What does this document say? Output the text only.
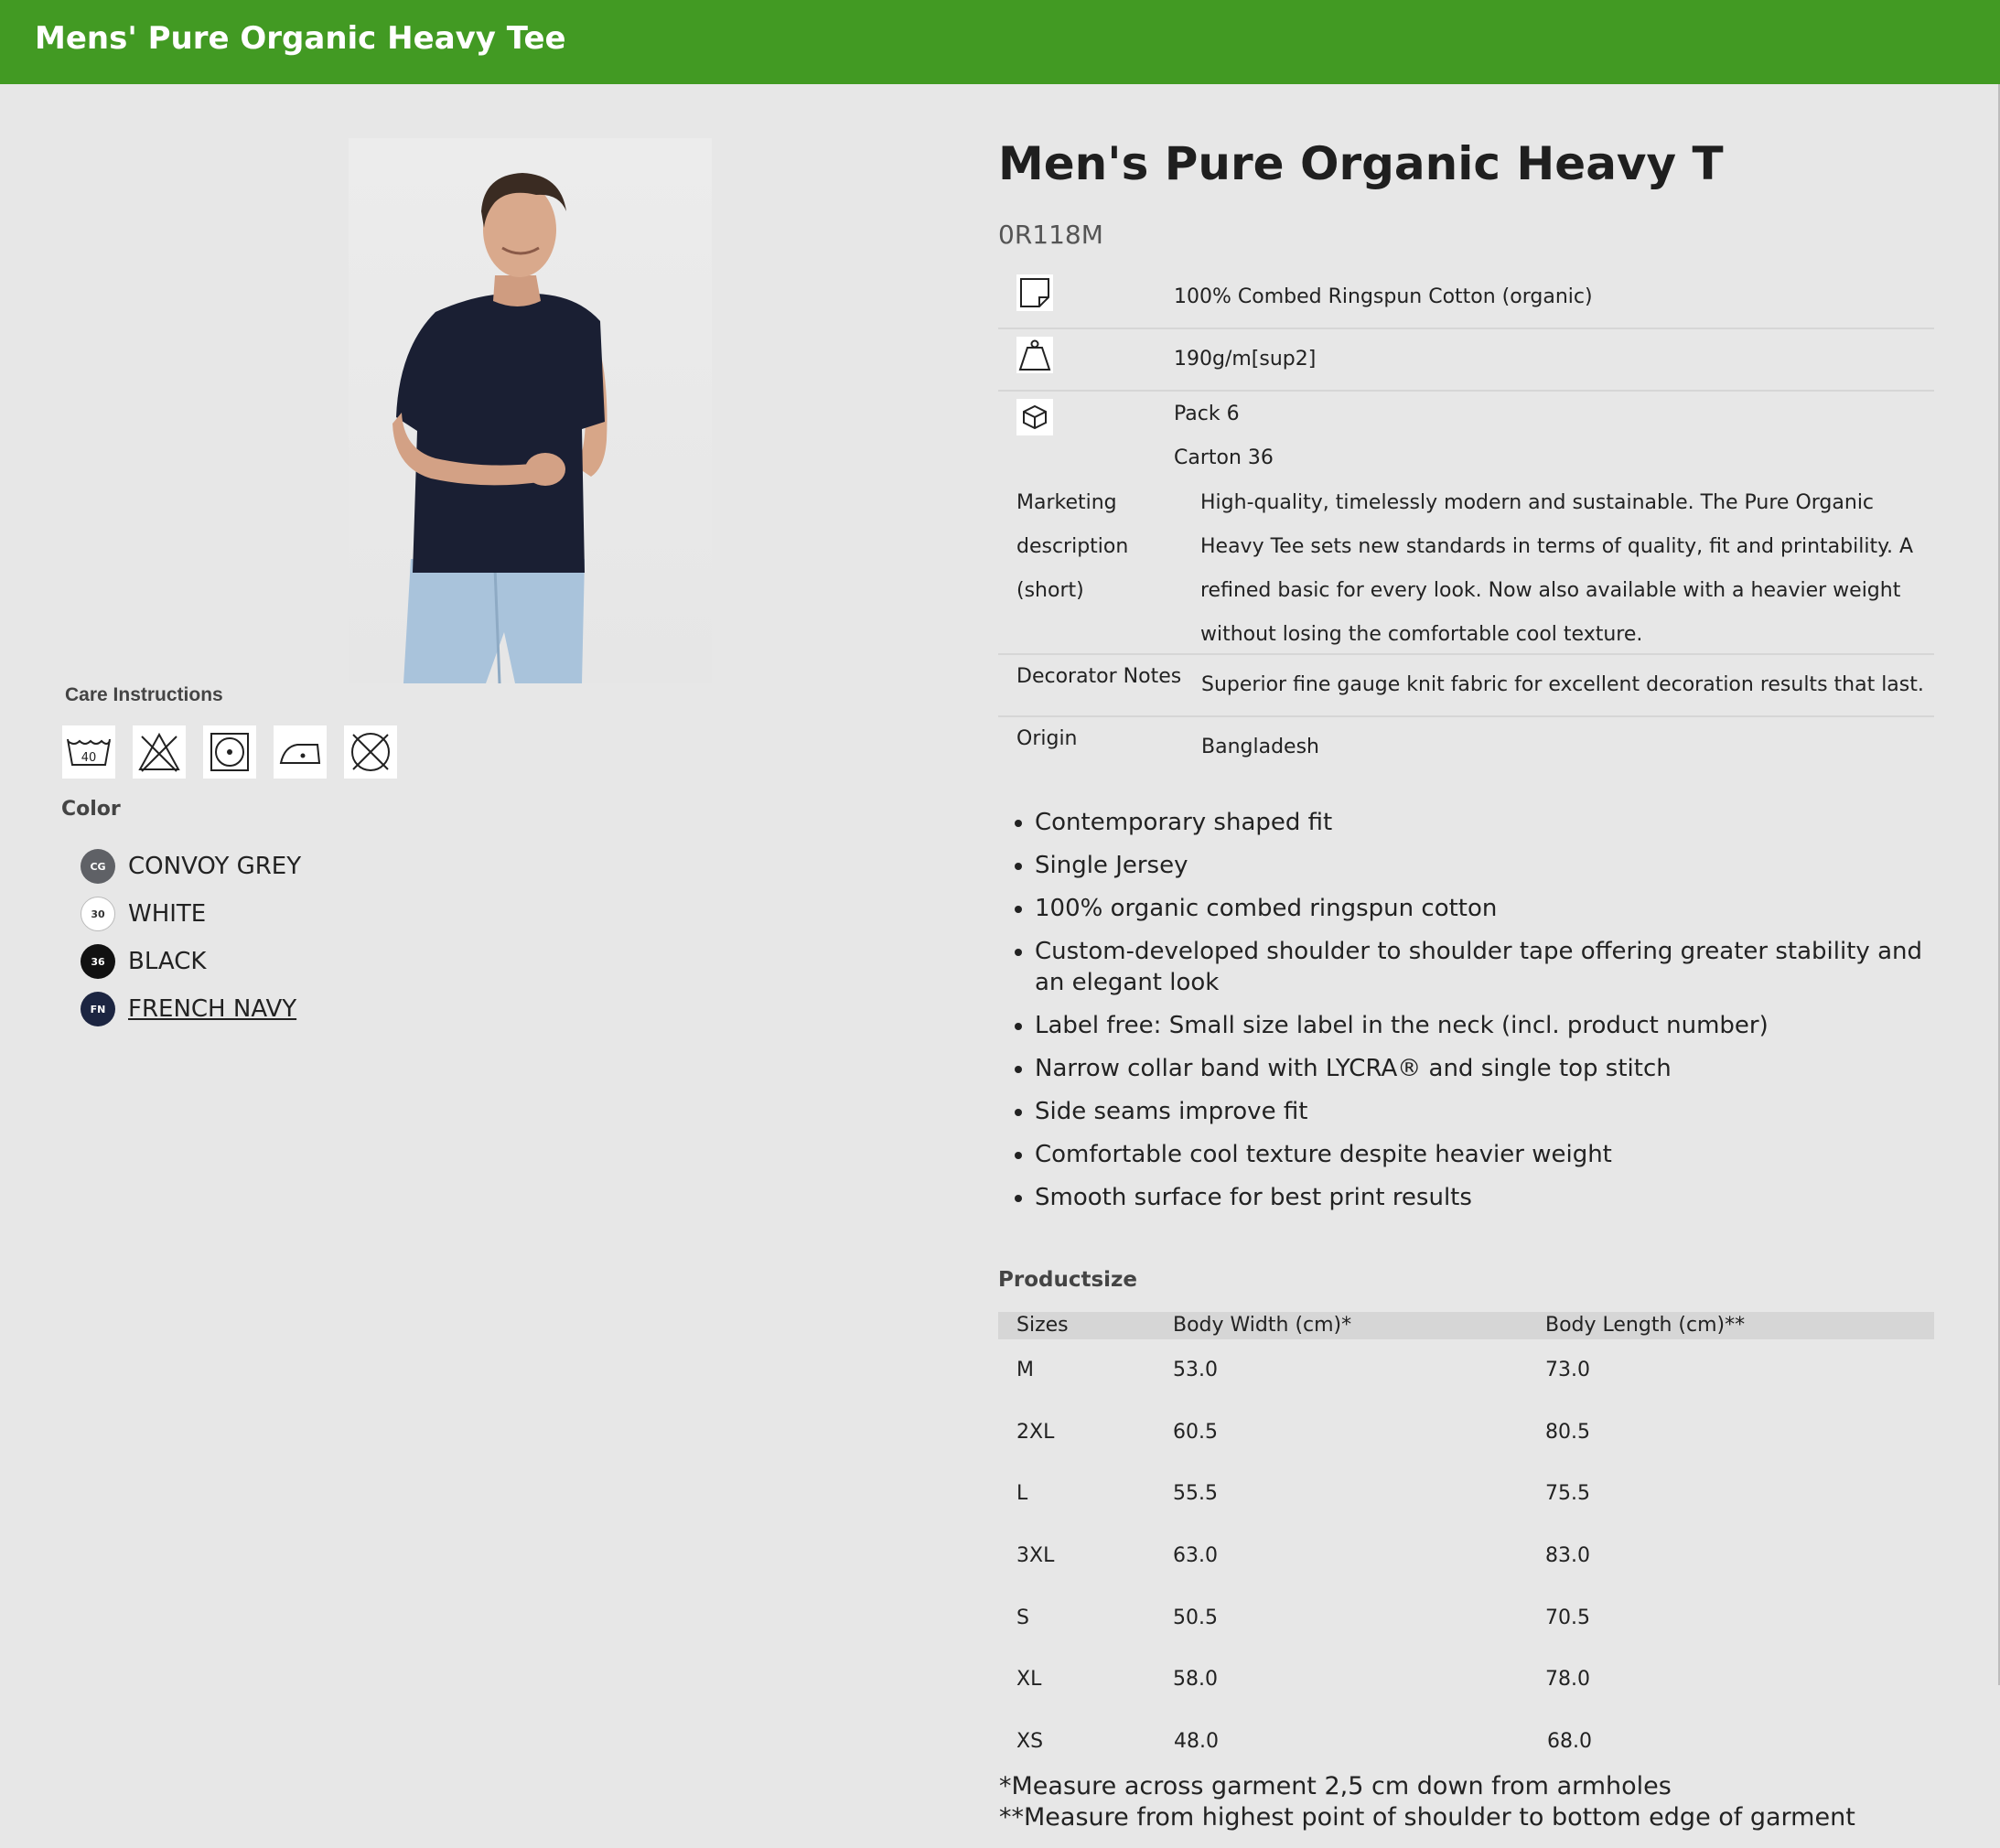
Mens' Pure Organic Heavy Tee
Care Instructions
40
Color
CG CONVOY GREY
30 WHITE
36 BLACK
FN FRENCH NAVY
Men's Pure Organic Heavy T
0R118M
100% Combed Ringspun Cotton (organic)
190g/m[sup2]
Pack 6
Carton 36
Marketing
description
(short)
High-quality, timelessly modern and sustainable. The Pure Organic Heavy Tee sets new standards in terms of quality, fit and printability. A refined basic for every look. Now also available with a heavier weight without losing the comfortable cool texture.
Decorator Notes Superior fine gauge knit fabric for excellent decoration results that last.
Origin	Bangladesh
• Contemporary shaped fit
• Single Jersey
• 100% organic combed ringspun cotton
• Custom-developed shoulder to shoulder tape offering greater stability and an elegant look
• Label free: Small size label in the neck (incl. product number)
• Narrow collar band with LYCRA® and single top stitch
• Side seams improve fit
• Comfortable cool texture despite heavier weight
• Smooth surface for best print results
Productsize
Sizes	Body Width (cm)*	Body Length (cm)**
M	53.0	73.0
2XL	60.5	80.5
L	55.5	75.5
3XL	63.0	83.0
S	50.5	70.5
XL	58.0	78.0
XS	48.0	68.0
*Measure across garment 2,5 cm down from armholes
**Measure from highest point of shoulder to bottom edge of garment
